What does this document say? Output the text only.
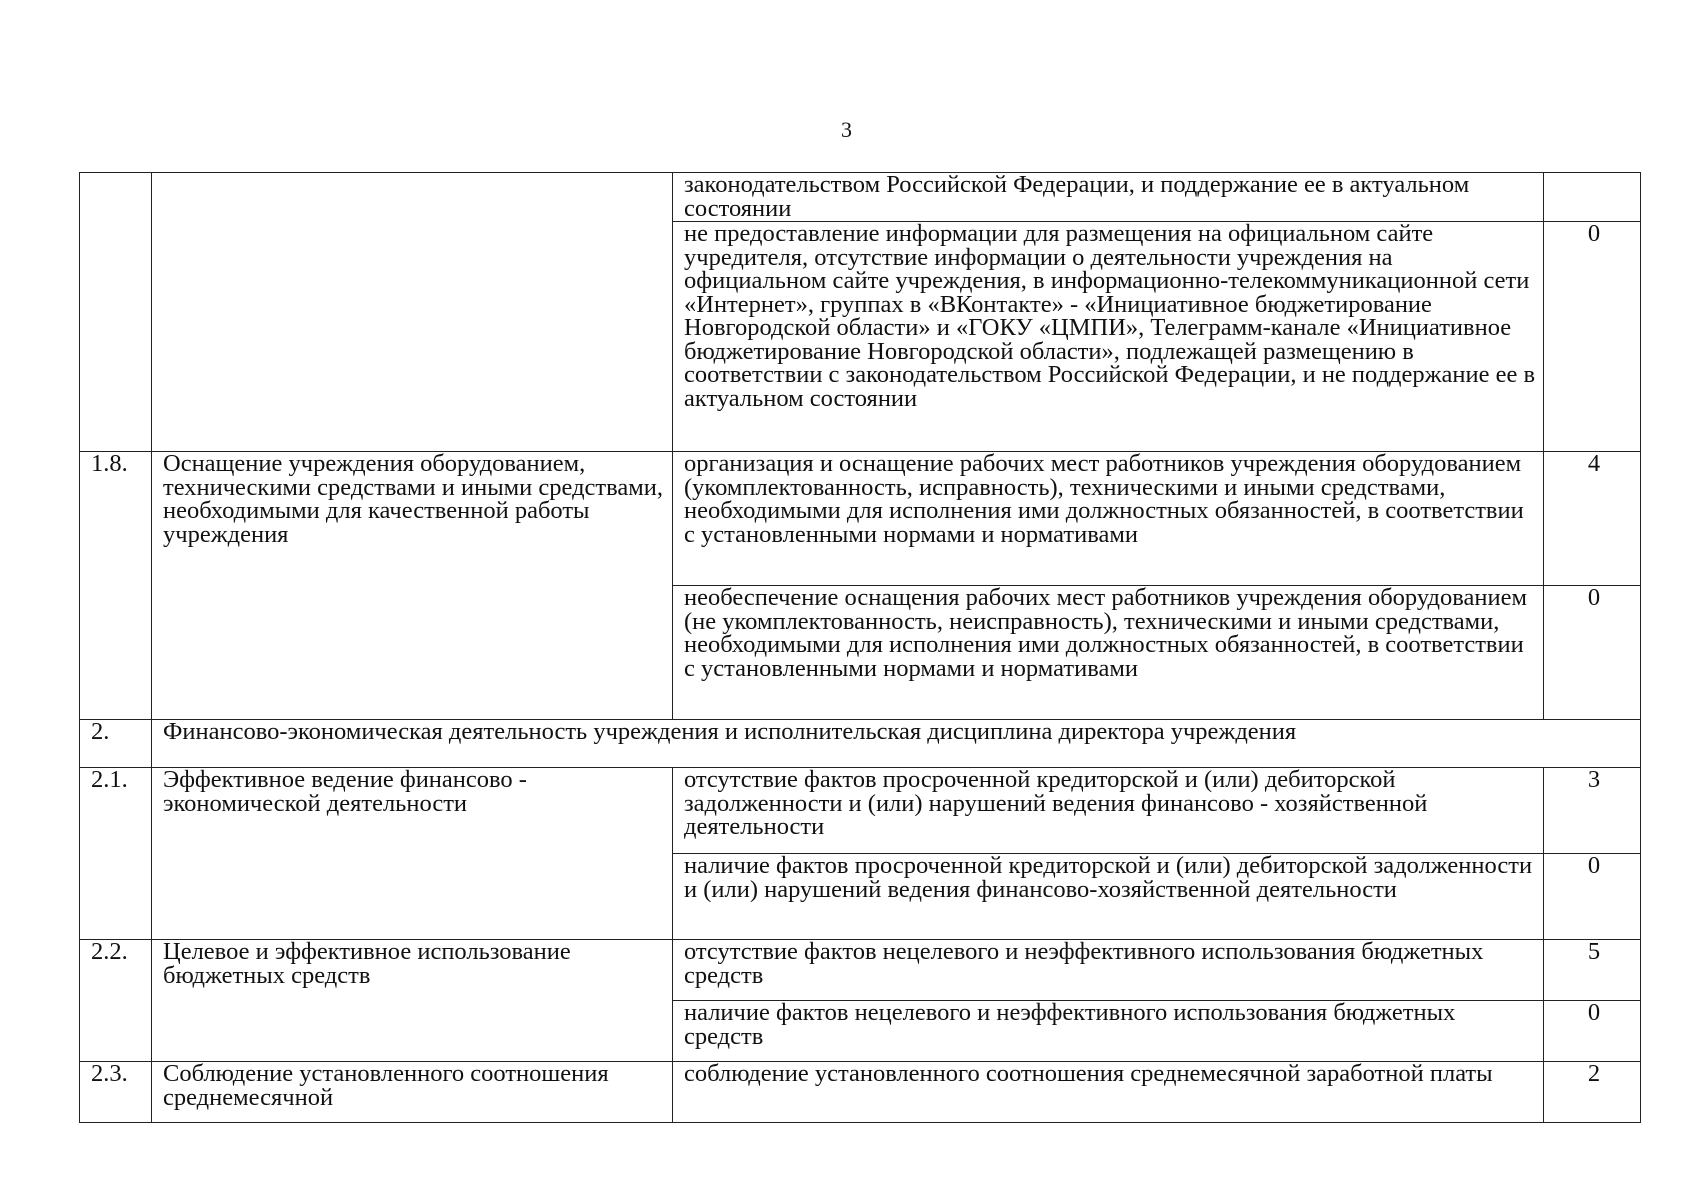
3
		законодательством Российской Федерации, и поддержание ее в актуальном состоянии	
		не предоставление информации для размещения на официальном сайте учредителя, отсутствие информации о деятельности учреждения на официальном сайте учреждения, в информационно-телекоммуникационной сети «Интернет», группах в «ВКонтакте» - «Инициативное бюджетирование Новгородской области» и «ГОКУ «ЦМПИ», Телеграмм-канале «Инициативное бюджетирование Новгородской области», подлежащей размещению в соответствии с законодательством Российской Федерации, и не поддержание ее в актуальном состоянии	0
1.8.	Оснащение учреждения оборудованием, техническими средствами и иными средствами, необходимыми для качественной работы учреждения	организация и оснащение рабочих мест работников учреждения оборудованием (укомплектованность, исправность), техническими и иными средствами, необходимыми для исполнения ими должностных обязанностей, в соответствии с установленными нормами и нормативами	4
		необеспечение оснащения рабочих мест работников учреждения оборудованием (не укомплектованность, неисправность), техническими и иными средствами, необходимыми для исполнения ими должностных обязанностей, в соответствии с установленными нормами и нормативами	0
2.	Финансово-экономическая деятельность учреждения и исполнительская дисциплина директора учреждения		
2.1.	Эффективное ведение финансово - экономической деятельности	отсутствие фактов просроченной кредиторской и (или) дебиторской задолженности и (или) нарушений ведения финансово - хозяйственной деятельности	3
		наличие фактов просроченной кредиторской и (или) дебиторской задолженности и (или) нарушений ведения финансово-хозяйственной деятельности	0
2.2.	Целевое и эффективное использование бюджетных средств	отсутствие фактов нецелевого и неэффективного использования бюджетных средств	5
		наличие фактов нецелевого и неэффективного использования бюджетных средств	0
2.3.	Соблюдение установленного соотношения среднемесячной	соблюдение установленного соотношения среднемесячной заработной платы	2
